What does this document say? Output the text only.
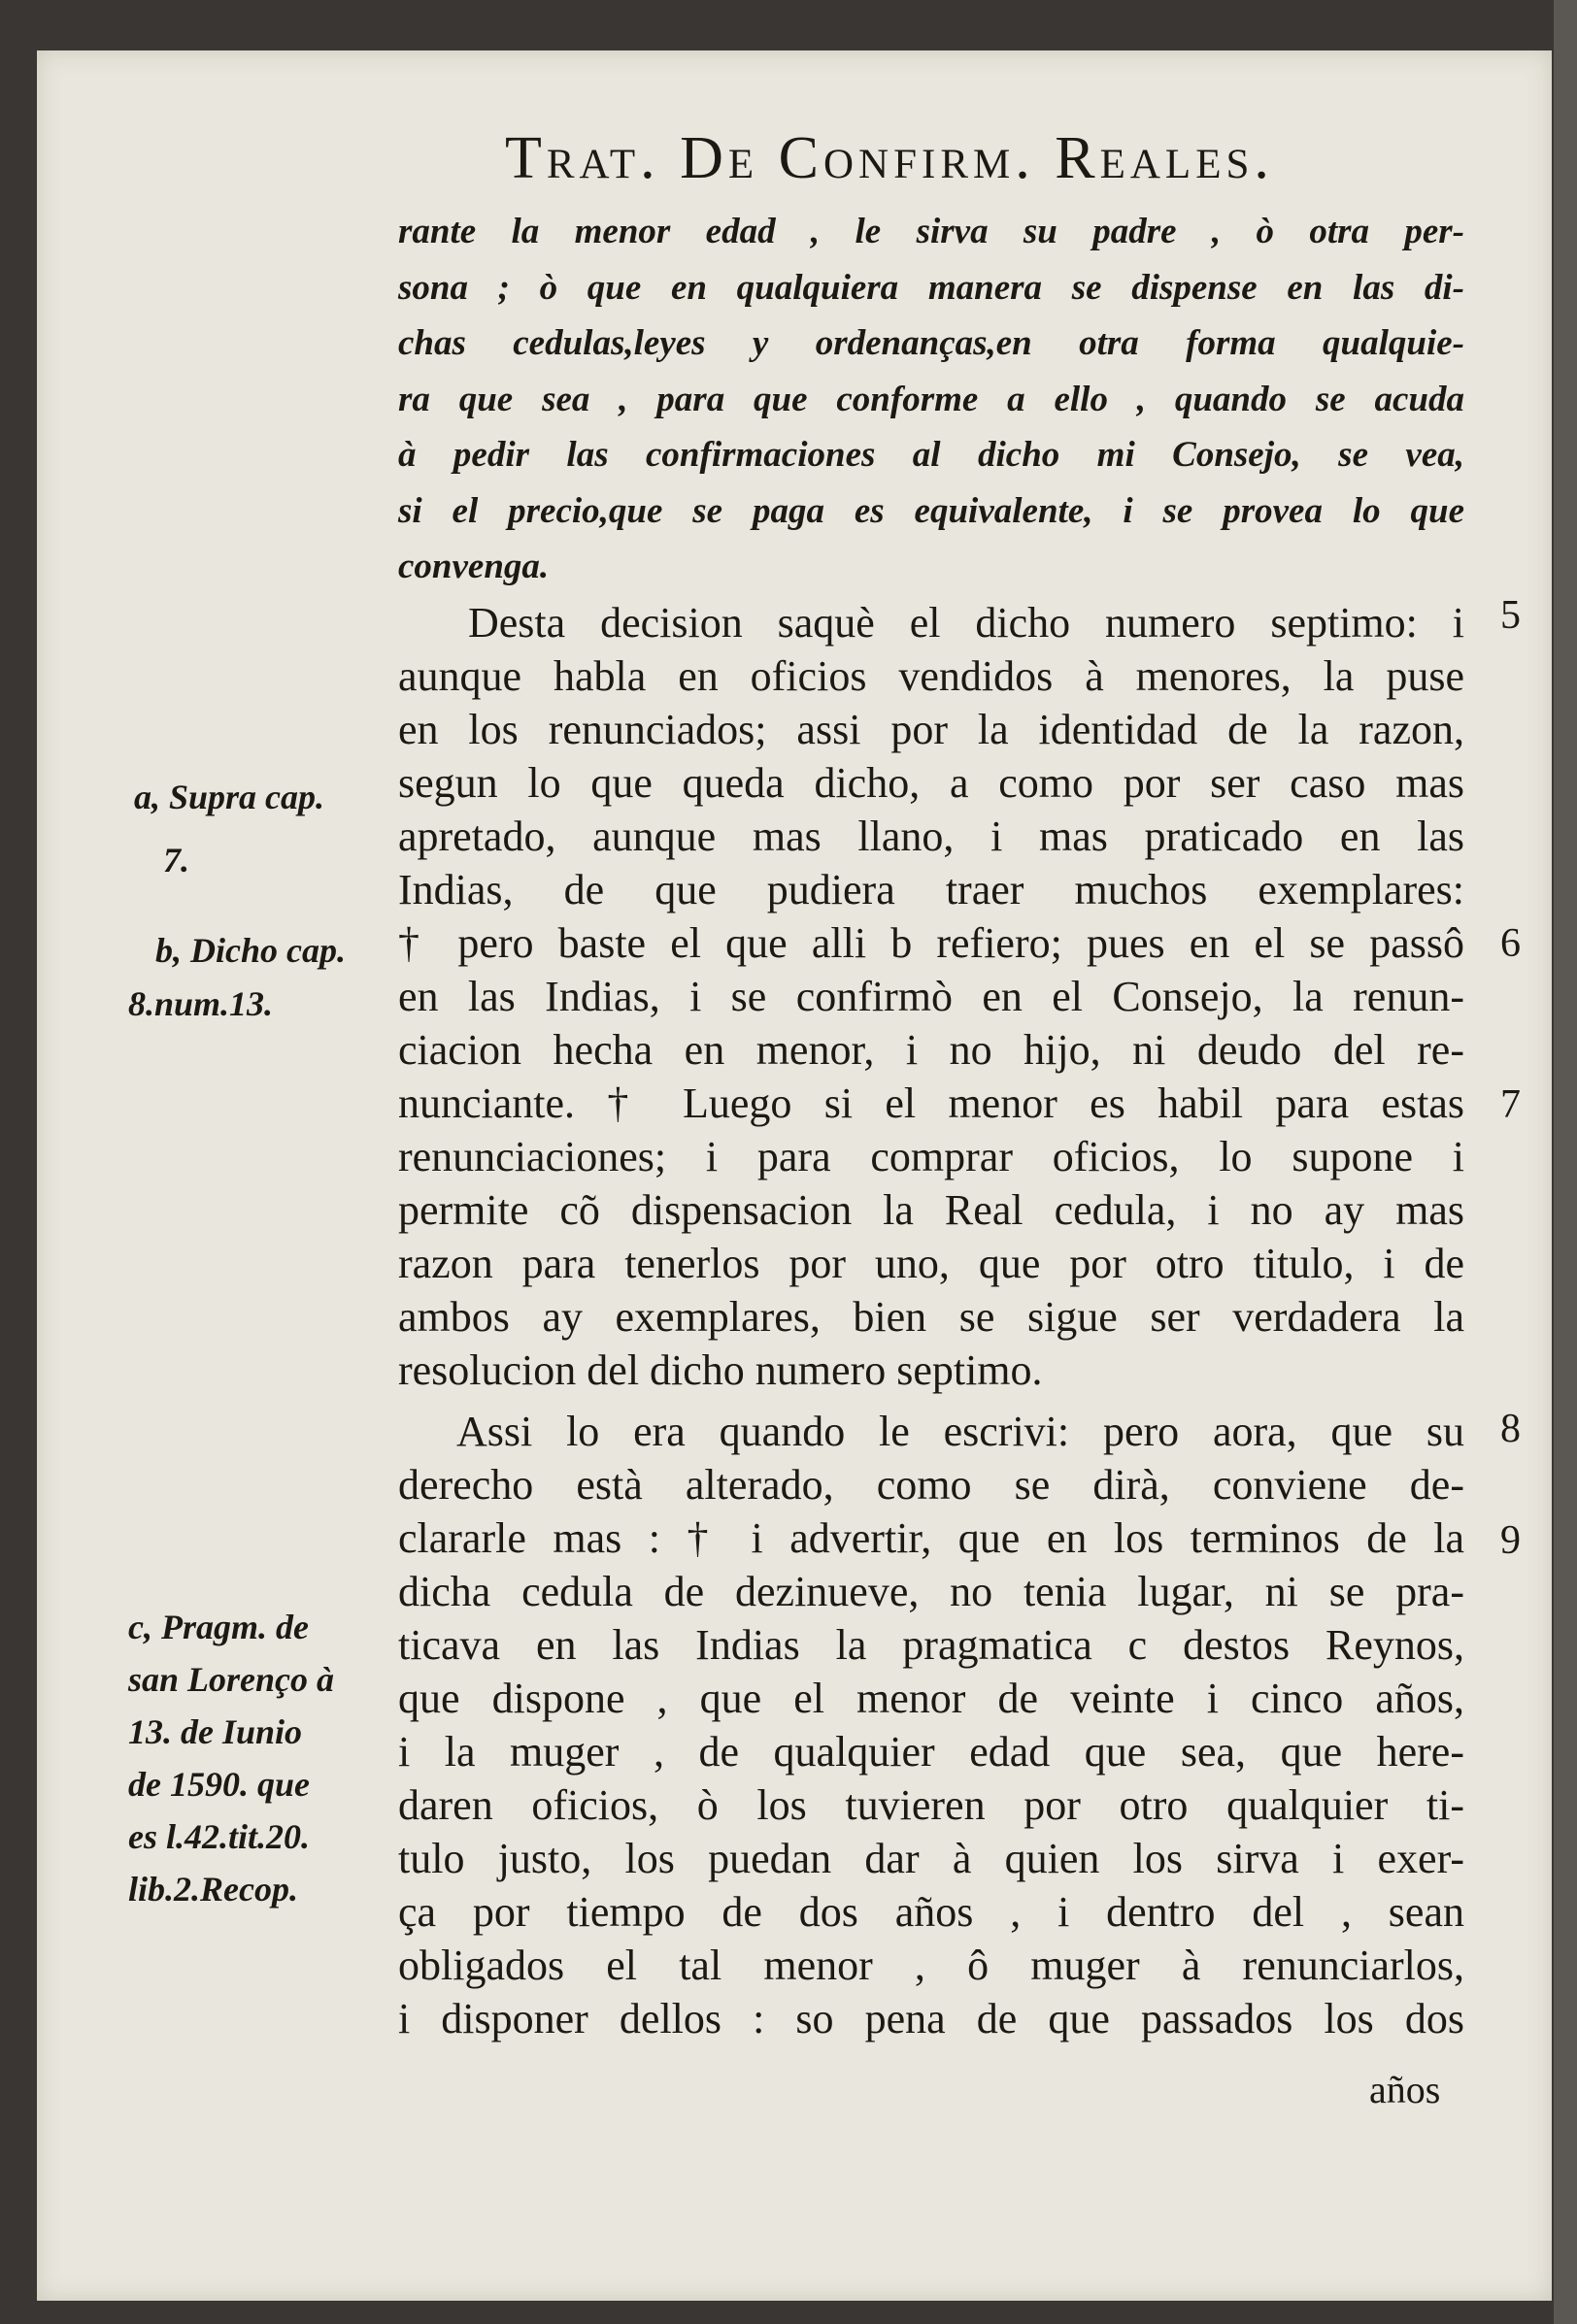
Trat. De Confirm. Reales.
rante la menor edad , le sirva su padre , ò otra per-
sona ; ò que en qualquiera manera se dispense en las di-
chas cedulas,leyes y ordenanças,en otra forma qualquie-
ra que sea , para que conforme a ello , quando se acuda
à pedir las confirmaciones al dicho mi Consejo, se vea,
si el precio,que se paga es equivalente, i se provea lo que
convenga.
Desta decision saquè el dicho numero septimo: i
aunque habla en oficios vendidos à menores, la puse
en los renunciados; assi por la identidad de la razon,
segun lo que queda dicho, a como por ser caso mas
apretado, aunque mas llano, i mas praticado en las
Indias, de que pudiera traer muchos exemplares:
† pero baste el que alli b refiero; pues en el se passô
en las Indias, i se confirmò en el Consejo, la renun-
ciacion hecha en menor, i no hijo, ni deudo del re-
nunciante. † Luego si el menor es habil para estas
renunciaciones; i para comprar oficios, lo supone i
permite cõ dispensacion la Real cedula, i no ay mas
razon para tenerlos por uno, que por otro titulo, i de
ambos ay exemplares, bien se sigue ser verdadera la
resolucion del dicho numero septimo.
Assi lo era quando le escrivi: pero aora, que su
derecho està alterado, como se dirà, conviene de-
clararle mas : † i advertir, que en los terminos de la
dicha cedula de dezinueve, no tenia lugar, ni se pra-
ticava en las Indias la pragmatica c destos Reynos,
que dispone , que el menor de veinte i cinco años,
i la muger , de qualquier edad que sea, que here-
daren oficios, ò los tuvieren por otro qualquier ti-
tulo justo, los puedan dar à quien los sirva i exer-
ça por tiempo de dos años , i dentro del , sean
obligados el tal menor , ô muger à renunciarlos,
i disponer dellos : so pena de que passados los dos
años
a, Supra cap.
7.
b, Dicho cap.
8.num.13.
c, Pragm. de
san Lorenço à
13. de Iunio
de 1590. que
es l.42.tit.20.
lib.2.Recop.
5
6
7
8
9
